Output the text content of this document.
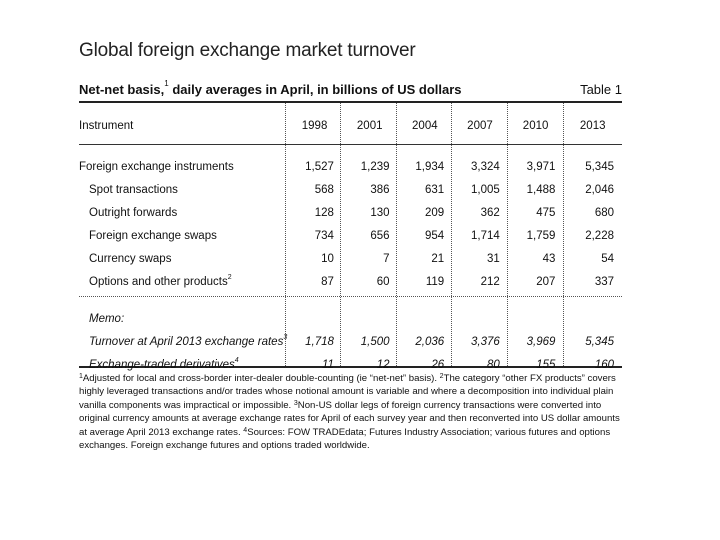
Global foreign exchange market turnover
Net-net basis,$^1$ daily averages in April, in billions of US dollars	Table 1
Instrument	1998	2001	2004	2007	2010	2013

Foreign exchange instruments	1,527	1,239	1,934	3,324	3,971	5,345
Spot transactions	568	386	631	1,005	1,488	2,046
Outright forwards	128	130	209	362	475	680
Foreign exchange swaps	734	656	954	1,714	1,759	2,228
Currency swaps	10	7	21	31	43	54
Options and other products$^2$	87	60	119	212	207	337

Memo:						
Turnover at April 2013 exchange rates$^3$	1,718	1,500	2,036	3,376	3,969	5,345
Exchange-traded derivatives$^4$	11	12	26	80	155	160

$^1$Adjusted for local and cross-border inter-dealer double-counting (ie “net-net” basis). $^2$The category “other FX products” covers highly leveraged transactions and/or trades whose notional amount is variable and where a decomposition into individual plain vanilla components was impractical or impossible. $^3$Non-US dollar legs of foreign currency transactions were converted into original currency amounts at average exchange rates for April of each survey year and then reconverted into US dollar amounts at average April 2013 exchange rates. $^4$Sources: FOW TRADEdata; Futures Industry Association; various futures and options exchanges. Foreign exchange futures and options traded worldwide.
